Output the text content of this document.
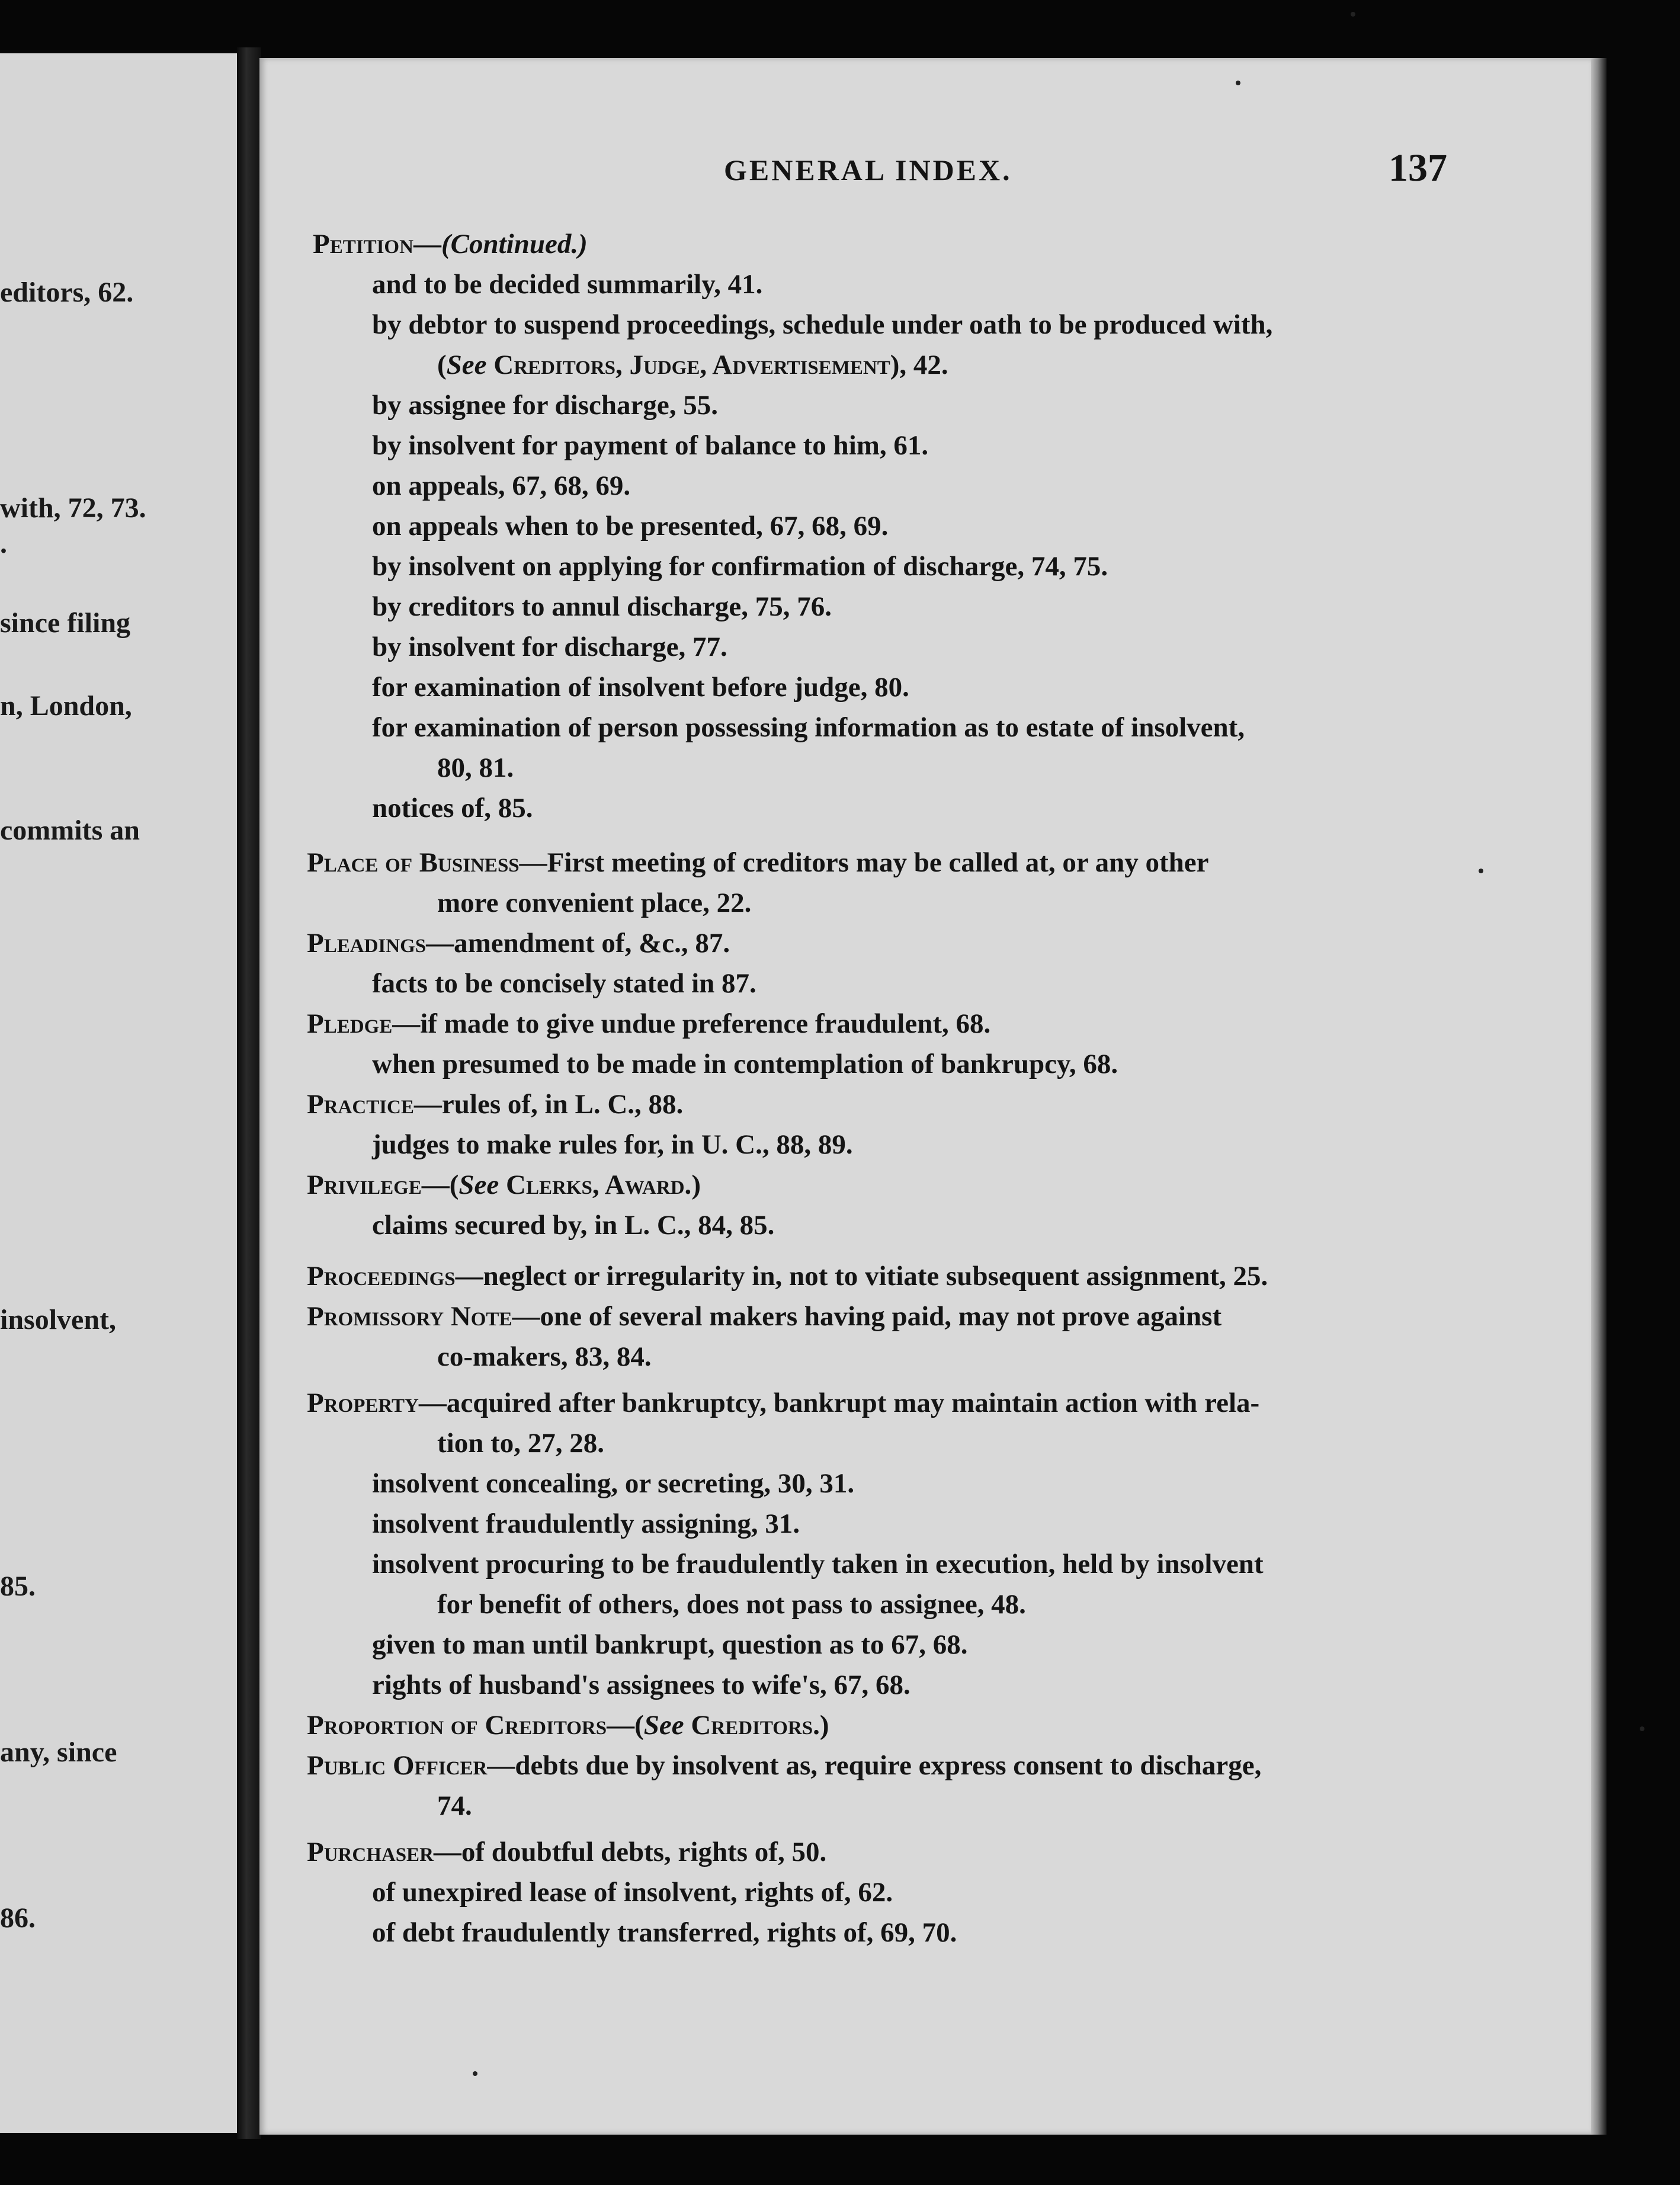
editors, 62.
with, 72, 73.
.
since filing
n, London,
commits an
insolvent,
85.
any, since
86.
GENERAL INDEX.	137
Petition—(Continued.)
and to be decided summarily, 41.
by debtor to suspend proceedings, schedule under oath to be produced with,
(See Creditors, Judge, Advertisement), 42.
by assignee for discharge, 55.
by insolvent for payment of balance to him, 61.
on appeals, 67, 68, 69.
on appeals when to be presented, 67, 68, 69.
by insolvent on applying for confirmation of discharge, 74, 75.
by creditors to annul discharge, 75, 76.
by insolvent for discharge, 77.
for examination of insolvent before judge, 80.
for examination of person possessing information as to estate of insolvent,
80, 81.
notices of, 85.
Place of Business—First meeting of creditors may be called at, or any other
more convenient place, 22.
Pleadings—amendment of, &c., 87.
facts to be concisely stated in 87.
Pledge—if made to give undue preference fraudulent, 68.
when presumed to be made in contemplation of bankrupcy, 68.
Practice—rules of, in L. C., 88.
judges to make rules for, in U. C., 88, 89.
Privilege—(See Clerks, Award.)
claims secured by, in L. C., 84, 85.
Proceedings—neglect or irregularity in, not to vitiate subsequent assignment, 25.
Promissory Note—one of several makers having paid, may not prove against
co-makers, 83, 84.
Property—acquired after bankruptcy, bankrupt may maintain action with rela-
tion to, 27, 28.
insolvent concealing, or secreting, 30, 31.
insolvent fraudulently assigning, 31.
insolvent procuring to be fraudulently taken in execution, held by insolvent
for benefit of others, does not pass to assignee, 48.
given to man until bankrupt, question as to 67, 68.
rights of husband's assignees to wife's, 67, 68.
Proportion of Creditors—(See Creditors.)
Public Officer—debts due by insolvent as, require express consent to discharge,
74.
Purchaser—of doubtful debts, rights of, 50.
of unexpired lease of insolvent, rights of, 62.
of debt fraudulently transferred, rights of, 69, 70.
